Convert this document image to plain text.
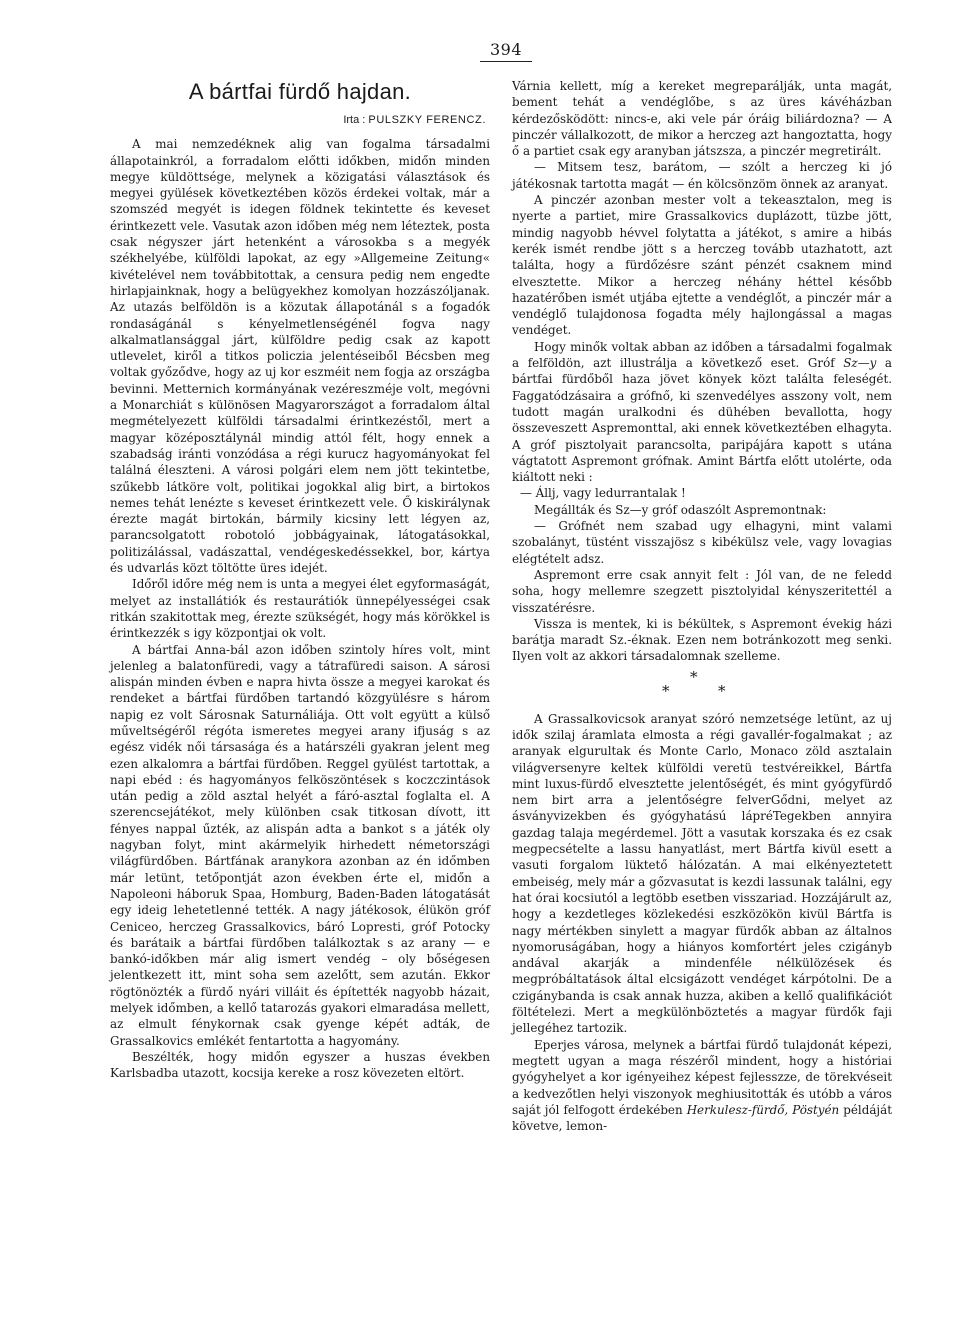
394
A bártfai fürdő hajdan.
Irta : PULSZKY FERENCZ.

A mai nemzedéknek alig van fogalma társadalmi állapotainkról, a forradalom előtti időkben, midőn minden megye küldöttsége, melynek a közigatási választások és megyei gyülések következtében közös érdekei voltak, már a szomszéd megyét is idegen földnek tekintette és keveset érintkezett vele. Vasutak azon időben még nem léteztek, posta csak négyszer járt hetenként a városokba s a megyék székhelyébe, külföldi lapokat, az egy »Allgemeine Zeitung« kivételével nem továbbitottak, a censura pedig nem engedte hirlapjainknak, hogy a belügyekhez komolyan hozzászóljanak. Az utazás belföldön is a közutak állapotánál s a fogadók rondaságánál s kényelmetlenségénél fogva nagy alkalmatlansággal járt, külföldre pedig csak az kapott utlevelet, kiről a titkos policzia jelentéseiből Bécsben meg voltak győződve, hogy az uj kor eszméit nem fogja az országba bevinni. Metternich kormányának vezéreszméje volt, megóvni a Monarchiát s különösen Magyarországot a forradalom által megmételyezett külföldi társadalmi érintkezéstől, mert a magyar középosztálynál mindig attól félt, hogy ennek a szabadság iránti vonzódása a régi kurucz hagyományokat fel találná éleszteni. A városi polgári elem nem jött tekintetbe, szűkebb látköre volt, politikai jogokkal alig birt, a birtokos nemes tehát lenézte s keveset érintkezett vele. Ő kiskirálynak érezte magát birtokán, bármily kicsiny lett légyen az, parancsolgatott robotoló jobbágyainak, látogatásokkal, politizálással, vadászattal, vendégeskedéssekkel, bor, kártya és udvarlás közt töltötte üres idejét.

Időről időre még nem is unta a megyei élet egyformaságát, melyet az installátiók és restaurátiók ünnepélyességei csak ritkán szakitottak meg, érezte szükségét, hogy más körökkel is érintkezzék s igy központjai ok volt.

A bártfai Anna-bál azon időben szintoly híres volt, mint jelenleg a balatonfüredi, vagy a tátrafüredi saison. A sárosi alispán minden évben e napra hivta össze a megyei karokat és rendeket a bártfai fürdőben tartandó közgyülésre s három napig ez volt Sárosnak Saturnáliája. Ott volt együtt a külső műveltségéről régóta ismeretes megyei arany ifjuság s az egész vidék női társasága és a határszéli gyakran jelent meg ezen alkalomra a bártfai fürdőben. Reggel gyülést tartottak, a napi ebéd : és hagyományos felköszöntések s koczczintások után pedig a zöld asztal helyét a fáró-asztal foglalta el. A szerencsejátékot, mely különben csak titkosan dívott, itt fényes nappal űzték, az alispán adta a bankot s a játék oly nagyban folyt, mint akármelyik hirhedett németországi világfürdőben. Bártfának aranykora azonban az én időmben már letünt, tetőpontját azon években érte el, midőn a Napoleoni háboruk Spaa, Homburg, Baden-Baden látogatását egy ideig lehetetlenné tették. A nagy játékosok, élükön gróf Ceniceo, herczeg Grassalkovics, báró Lopresti, gróf Potocky és barátaik a bártfai fürdőben találkoztak s az arany — e bankó-időkben már alig ismert vendég – oly bőségesen jelentkezett itt, mint soha sem azelőtt, sem azután. Ekkor rögtönözték a fürdő nyári villáit és építették nagyobb házait, melyek időmben, a kellő tatarozás gyakori elmaradása mellett, az elmult fénykornak csak gyenge képét adták, de Grassalkovics emlékét fentartotta a hagyomány.

Beszélték, hogy midőn egyszer a huszas években Karlsbadba utazott, kocsija kereke a rosz kövezeten eltört.

Várnia kellett, míg a kereket megreparálják, unta magát, bement tehát a vendéglőbe, s az üres kávéházban kérdezősködött: nincs-e, aki vele pár óráig biliárdozna? — A pinczér vállalkozott, de mikor a herczeg azt hangoztatta, hogy ő a partiet csak egy aranyban játszsza, a pinczér megretirált.

— Mitsem tesz, barátom, — szólt a herczeg ki jó játékosnak tartotta magát — én kölcsönzöm önnek az aranyat.

A pinczér azonban mester volt a tekeasztalon, meg is nyerte a partiet, mire Grassalkovics duplázott, tüzbe jött, mindig nagyobb hévvel folytatta a játékot, s amire a hibás kerék ismét rendbe jött s a herczeg tovább utazhatott, azt találta, hogy a fürdőzésre szánt pénzét csaknem mind elvesztette. Mikor a herczeg néhány héttel később hazatérőben ismét utjába ejtette a vendéglőt, a pinczér már a vendéglő tulajdonosa fogadta mély hajlongással a magas vendéget.

Hogy minők voltak abban az időben a társadalmi fogalmak a felföldön, azt illustrálja a következő eset. Gróf Sz—y a bártfai fürdőből haza jövet könyek közt találta feleségét. Faggatódzásaira a grófnő, ki szenvedélyes asszony volt, nem tudott magán uralkodni és dühében bevallotta, hogy összeveszett Aspremonttal, aki ennek következtében elhagyta. A gróf pisztolyait parancsolta, paripájára kapott s utána vágtatott Aspremont grófnak. Amint Bártfa előtt utolérte, oda kiáltott neki :

— Állj, vagy ledurrantalak !

Megállták és Sz—y gróf odaszólt Aspremontnak:

— Grófnét nem szabad ugy elhagyni, mint valami szobalányt, tüstént visszajösz s kibékülsz vele, vagy lovagias elégtételt adsz.

Aspremont erre csak annyit felt : Jól van, de ne feledd soha, hogy mellemre szegzett pisztolyidal kényszeritettél a visszatérésre.

Vissza is mentek, ki is békültek, s Aspremont évekig házi barátja maradt Sz.-éknak. Ezen nem botránkozott meg senki. Ilyen volt az akkori társadalomnak szelleme.

*
*	*

A Grassalkovicsok aranyat szóró nemzetsége letünt, az uj idők szilaj áramlata elmosta a régi gavallér-fogalmakat ; az aranyak elgurultak és Monte Carlo, Monaco zöld asztalain világversenyre keltek külföldi veretü testvéreikkel, Bártfa mint luxus-fürdő elvesztette jelentőségét, és mint gyógyfürdő nem birt arra a jelentőségre felverGődni, melyet az ásványvizekben és gyógyhatású lápréTegekben annyira gazdag talaja megérdemel. Jött a vasutak korszaka és ez csak megpecsételte a lassu hanyatlást, mert Bártfa kivül esett a vasuti forgalom lüktető hálózatán. A mai elkényeztetett embeiség, mely már a gőzvasutat is kezdi lassunak találni, egy hat órai kocsiutól a legtöbb esetben visszariad. Hozzájárult az, hogy a kezdetleges közlekedési eszközökön kivül Bártfa is nagy mértékben sinylett a magyar fürdők abban az általnos nyomoruságában, hogy a hiányos komfortért jeles czigányb andával akarják a mindenféle nélkülözések és megpróbáltatások által elcsigázott vendéget kárpótolni. De a czigánybanda is csak annak huzza, akiben a kellő qualifikációt föltételezi. Mert a megkülönböztetés a magyar fürdők faji jellegéhez tartozik.

Eperjes városa, melynek a bártfai fürdő tulajdonát képezi, megtett ugyan a maga részéről mindent, hogy a históriai gyógyhelyet a kor igényeihez képest fejlesszze, de törekvéseit a kedvezőtlen helyi viszonyok meghiusitották és utóbb a város saját jól felfogott érdekében Herkulesz-fürdő, Pöstyén példáját követve, lemon-
